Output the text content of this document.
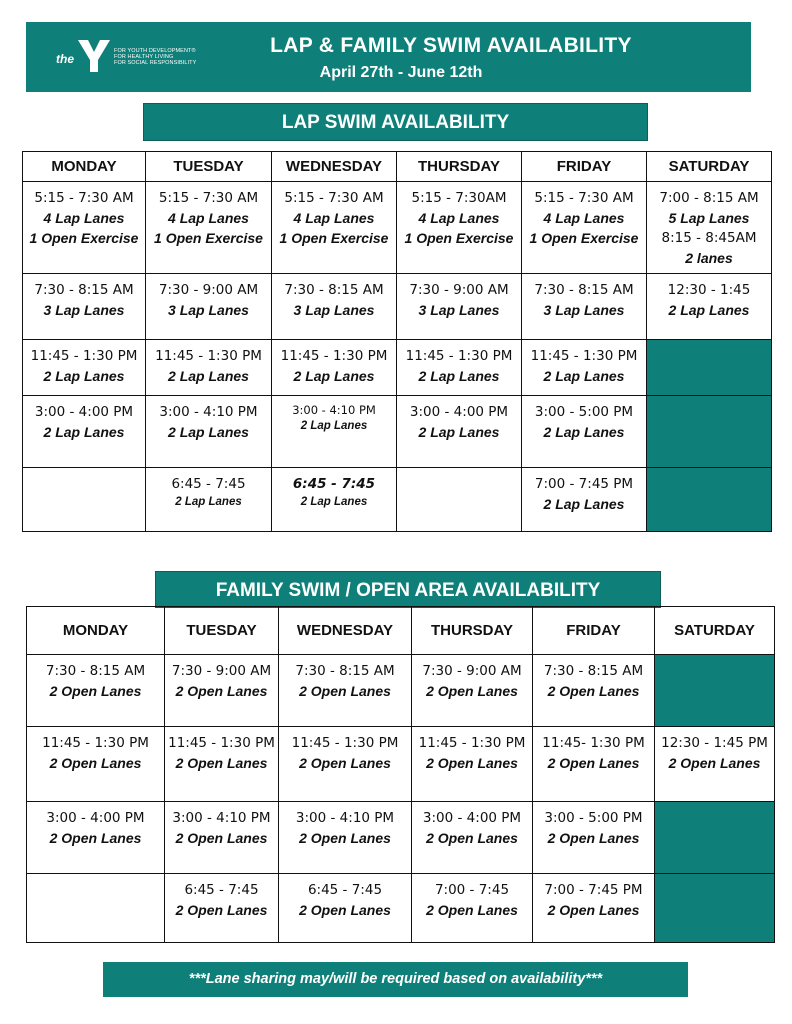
the
FOR YOUTH DEVELOPMENT®
FOR HEALTHY LIVING
FOR SOCIAL RESPONSIBILITY
LAP & FAMILY SWIM AVAILABILITY
April 27th - June 12th
LAP SWIM AVAILABILITY
MONDAY	TUESDAY	WEDNESDAY	THURSDAY	FRIDAY	SATURDAY

5:15 - 7:30 AM
4 Lap Lanes
1 Open Exercise	5:15 - 7:30 AM
4 Lap Lanes
1 Open Exercise	5:15 - 7:30 AM
4 Lap Lanes
1 Open Exercise	5:15 - 7:30AM
4 Lap Lanes
1 Open Exercise	5:15 - 7:30 AM
4 Lap Lanes
1 Open Exercise	7:00 - 8:15 AM
5 Lap Lanes
8:15 - 8:45AM
2 lanes

7:30 - 8:15 AM
3 Lap Lanes	7:30 - 9:00 AM
3 Lap Lanes	7:30 - 8:15 AM
3 Lap Lanes	7:30 - 9:00 AM
3 Lap Lanes	7:30 - 8:15 AM
3 Lap Lanes	12:30 - 1:45
2 Lap Lanes

11:45 - 1:30 PM
2 Lap Lanes	11:45 - 1:30 PM
2 Lap Lanes	11:45 - 1:30 PM
2 Lap Lanes	11:45 - 1:30 PM
2 Lap Lanes	11:45 - 1:30 PM
2 Lap Lanes	

3:00 - 4:00 PM
2 Lap Lanes	3:00 - 4:10 PM
2 Lap Lanes	3:00 - 4:10 PM
2 Lap Lanes	3:00 - 4:00 PM
2 Lap Lanes	3:00 - 5:00 PM
2 Lap Lanes	

	6:45 - 7:45
2 Lap Lanes	6:45 - 7:45
2 Lap Lanes		7:00 - 7:45 PM
2 Lap Lanes	

FAMILY SWIM / OPEN AREA AVAILABILITY
MONDAY	TUESDAY	WEDNESDAY	THURSDAY	FRIDAY	SATURDAY

7:30 - 8:15 AM
2 Open Lanes	7:30 - 9:00 AM
2 Open Lanes	7:30 - 8:15 AM
2 Open Lanes	7:30 - 9:00 AM
2 Open Lanes	7:30 - 8:15 AM
2 Open Lanes	

11:45 - 1:30 PM
2 Open Lanes	11:45 - 1:30 PM
2 Open Lanes	11:45 - 1:30 PM
2 Open Lanes	11:45 - 1:30 PM
2 Open Lanes	11:45- 1:30 PM
2 Open Lanes	12:30 - 1:45 PM
2 Open Lanes

3:00 - 4:00 PM
2 Open Lanes	3:00 - 4:10 PM
2 Open Lanes	3:00 - 4:10 PM
2 Open Lanes	3:00 - 4:00 PM
2 Open Lanes	3:00 - 5:00 PM
2 Open Lanes	

	6:45 - 7:45
2 Open Lanes	6:45 - 7:45
2 Open Lanes	7:00 - 7:45
2 Open Lanes	7:00 - 7:45 PM
2 Open Lanes	

***Lane sharing may/will be required based on availability***
